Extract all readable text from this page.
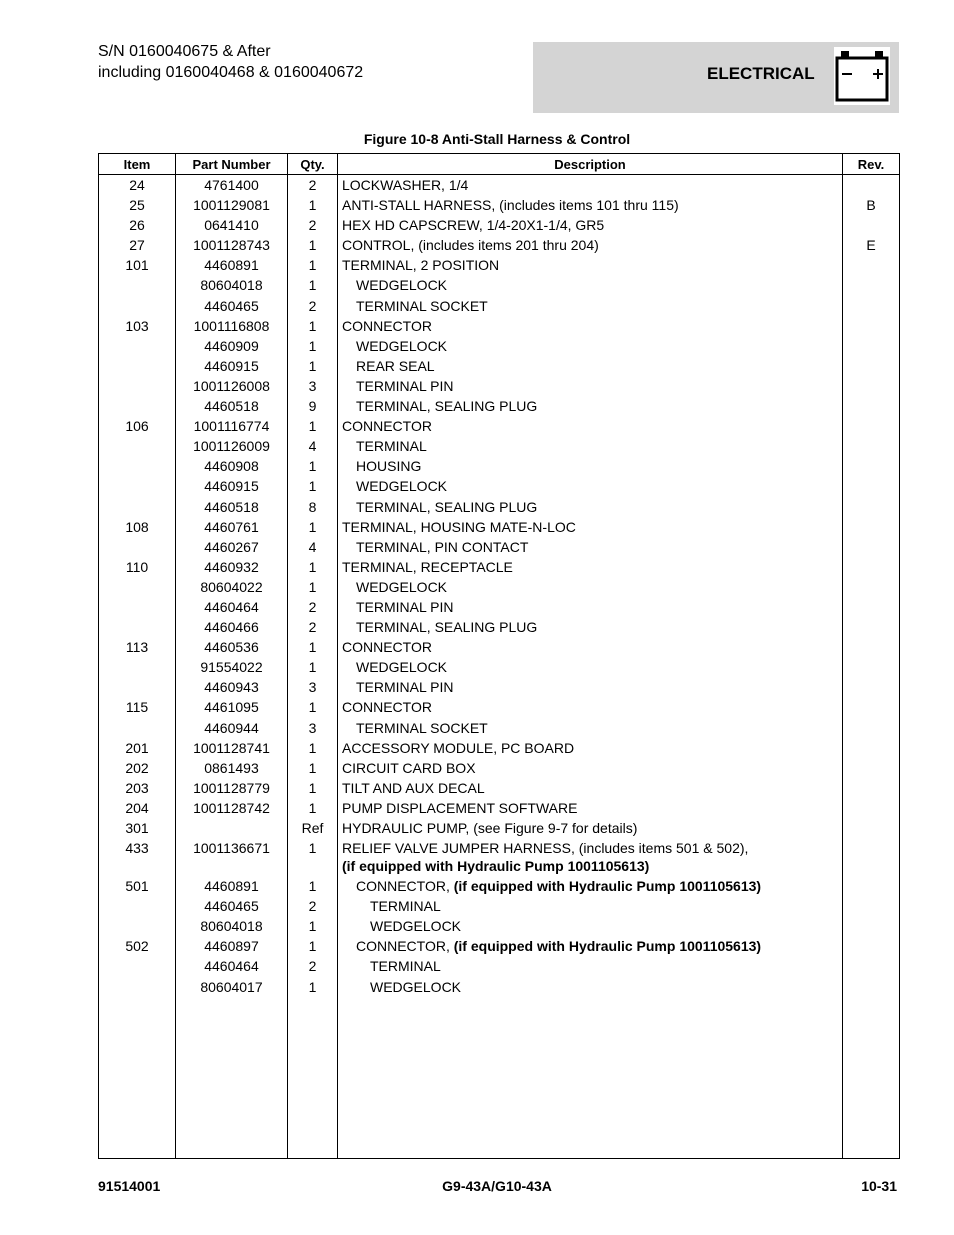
S/N 0160040675 & After
including 0160040468 & 0160040672	ELECTRICAL
Figure 10-8 Anti-Stall Harness & Control
Item	Part Number	Qty.	Description	Rev.
24	4761400	2	LOCKWASHER, 1/4	

25	1001129081	1	ANTI-STALL HARNESS, (includes items 101 thru 115)	B
26	0641410	2	HEX HD CAPSCREW, 1/4-20X1-1/4, GR5	

27	1001128743	1	CONTROL, (includes items 201 thru 204)	E
101	4460891	1	TERMINAL, 2 POSITION	

	80604018	1	WEDGELOCK	

	4460465	2	TERMINAL SOCKET	

103	1001116808	1	CONNECTOR	

	4460909	1	WEDGELOCK	

	4460915	1	REAR SEAL	

	1001126008	3	TERMINAL PIN	

	4460518	9	TERMINAL, SEALING PLUG	

106	1001116774	1	CONNECTOR	

	1001126009	4	TERMINAL	

	4460908	1	HOUSING	

	4460915	1	WEDGELOCK	

	4460518	8	TERMINAL, SEALING PLUG	

108	4460761	1	TERMINAL, HOUSING MATE-N-LOC	

	4460267	4	TERMINAL, PIN CONTACT	

110	4460932	1	TERMINAL, RECEPTACLE	

	80604022	1	WEDGELOCK	

	4460464	2	TERMINAL PIN	

	4460466	2	TERMINAL, SEALING PLUG	

113	4460536	1	CONNECTOR	

	91554022	1	WEDGELOCK	

	4460943	3	TERMINAL PIN	

115	4461095	1	CONNECTOR	

	4460944	3	TERMINAL SOCKET	

201	1001128741	1	ACCESSORY MODULE, PC BOARD	

202	0861493	1	CIRCUIT CARD BOX	

203	1001128779	1	TILT AND AUX DECAL	

204	1001128742	1	PUMP DISPLACEMENT SOFTWARE	

301		Ref	HYDRAULIC PUMP, (see Figure 9-7 for details)	

433	1001136671	1	RELIEF VALVE JUMPER HARNESS, (includes items 501 & 502),
(if equipped with Hydraulic Pump 1001105613)	

501	4460891	1	CONNECTOR, (if equipped with Hydraulic Pump 1001105613)	

	4460465	2	TERMINAL	

	80604018	1	WEDGELOCK	

502	4460897	1	CONNECTOR, (if equipped with Hydraulic Pump 1001105613)	

	4460464	2	TERMINAL	

	80604017	1	WEDGELOCK	

91514001	G9-43A/G10-43A	10-31
